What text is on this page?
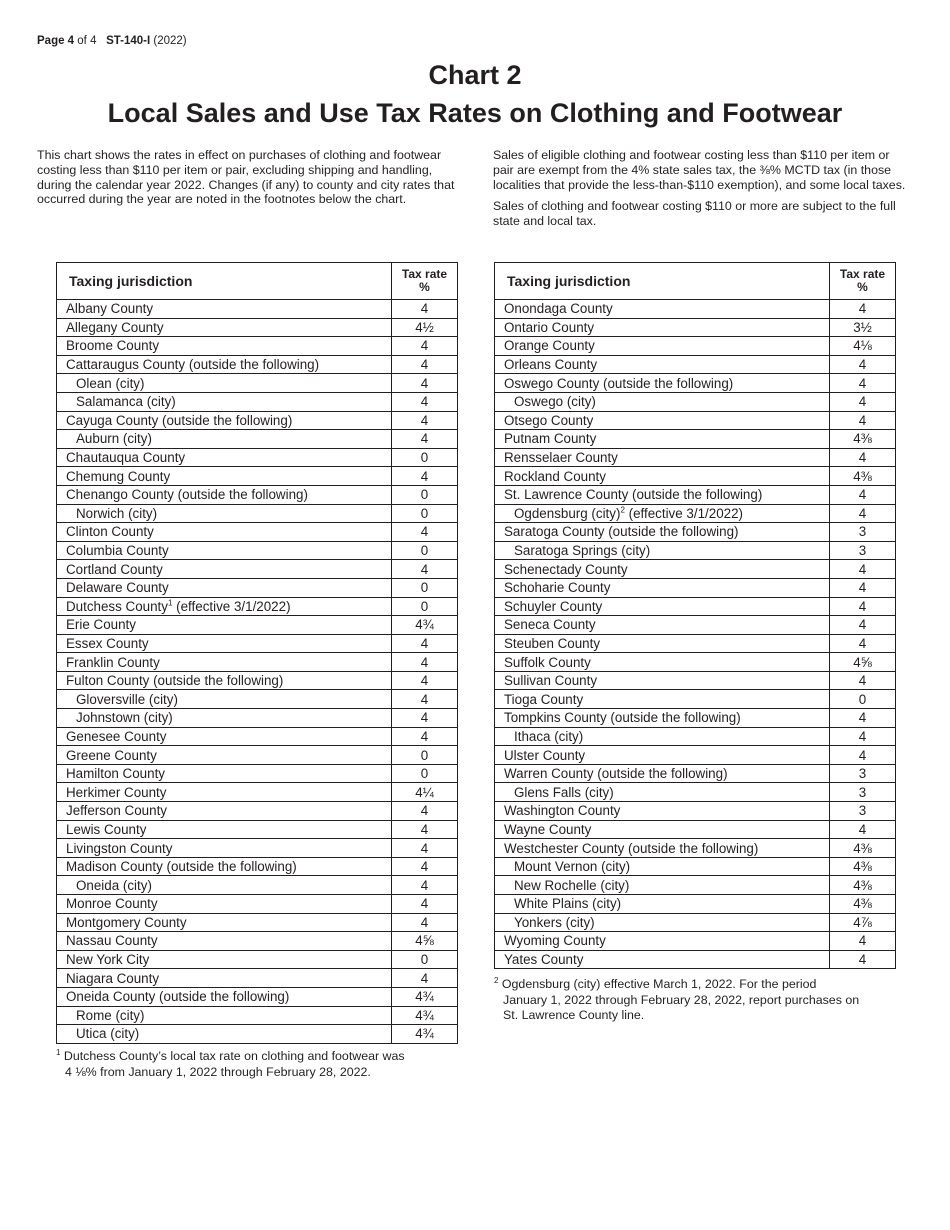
Page 4 of 4 ST-140-I (2022)
Chart 2
Local Sales and Use Tax Rates on Clothing and Footwear

This chart shows the rates in effect on purchases of clothing and footwear costing less than $110 per item or pair, excluding shipping and handling, during the calendar year 2022. Changes (if any) to county and city rates that occurred during the year are noted in the footnotes below the chart.

Sales of eligible clothing and footwear costing less than $110 per item or pair are exempt from the 4% state sales tax, the ⅜% MCTD tax (in those localities that provide the less-than-$110 exemption), and some local taxes.

Sales of clothing and footwear costing $110 or more are subject to the full state and local tax.

Taxing jurisdiction	Tax rate
%
Albany County	4
Allegany County	4½
Broome County	4
Cattaraugus County (outside the following)	4
Olean (city)	4
Salamanca (city)	4
Cayuga County (outside the following)	4
Auburn (city)	4
Chautauqua County	0
Chemung County	4
Chenango County (outside the following)	0
Norwich (city)	0
Clinton County	4
Columbia County	0
Cortland County	4
Delaware County	0
Dutchess County$^1$ (effective 3/1/2022)	0
Erie County	4¾
Essex County	4
Franklin County	4
Fulton County (outside the following)	4
Gloversville (city)	4
Johnstown (city)	4
Genesee County	4
Greene County	0
Hamilton County	0
Herkimer County	4¼
Jefferson County	4
Lewis County	4
Livingston County	4
Madison County (outside the following)	4
Oneida (city)	4
Monroe County	4
Montgomery County	4
Nassau County	4⅝
New York City	0
Niagara County	4
Oneida County (outside the following)	4¾
Rome (city)	4¾
Utica (city)	4¾
Taxing jurisdiction	Tax rate
%
Onondaga County	4
Ontario County	3½
Orange County	4⅛
Orleans County	4
Oswego County (outside the following)	4
Oswego (city)	4
Otsego County	4
Putnam County	4⅜
Rensselaer County	4
Rockland County	4⅜
St. Lawrence County (outside the following)	4
Ogdensburg (city)$^2$ (effective 3/1/2022)	4
Saratoga County (outside the following)	3
Saratoga Springs (city)	3
Schenectady County	4
Schoharie County	4
Schuyler County	4
Seneca County	4
Steuben County	4
Suffolk County	4⅝
Sullivan County	4
Tioga County	0
Tompkins County (outside the following)	4
Ithaca (city)	4
Ulster County	4
Warren County (outside the following)	3
Glens Falls (city)	3
Washington County	3
Wayne County	4
Westchester County (outside the following)	4⅜
Mount Vernon (city)	4⅜
New Rochelle (city)	4⅜
White Plains (city)	4⅜
Yonkers (city)	4⅞
Wyoming County	4
Yates County	4
$^1$ Dutchess County’s local tax rate on clothing and footwear was
4 ⅛% from January 1, 2022 through February 28, 2022.
$^2$ Ogdensburg (city) effective March 1, 2022. For the period
January 1, 2022 through February 28, 2022, report purchases on
St. Lawrence County line.
